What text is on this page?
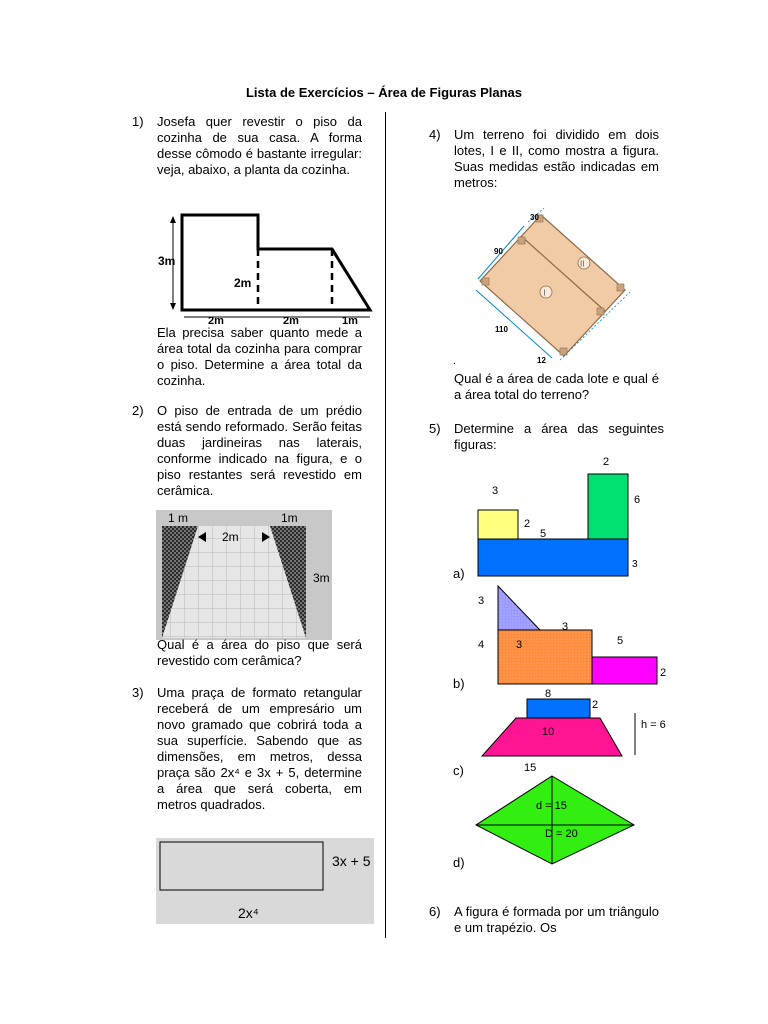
Lista de Exercícios – Área de Figuras Planas
1)	Josefa quer revestir o piso da cozinha de sua casa. A forma desse cômodo é bastante irregular: veja, abaixo, a planta da cozinha.
3m
2m
2m	2m	1m
Ela precisa saber quanto mede a área total da cozinha para comprar o piso. Determine a área total da cozinha.
2)	O piso de entrada de um prédio está sendo reformado. Serão feitas duas jardineiras nas laterais, conforme indicado na figura, e o piso restantes será revestido em cerâmica.
1 m	1m
2m
3m
Qual é a área do piso que será revestido com cerâmica?
3)	Uma praça de formato retangular receberá de um empresário um novo gramado que cobrirá toda a sua superfície. Sabendo que as dimensões, em metros, dessa praça são 2x⁴ e 3x + 5, determine a área que será coberta, em metros quadrados.
3x + 5
2x⁴
4)	Um terreno foi dividido em dois lotes, I e II, como mostra a figura. Suas medidas estão indicadas em metros:
I
II
30
90
110
12
.
Qual é a área de cada lote e qual é a área total do terreno?
5)	Determine a área das seguintes figuras:
2
6
3
2
5
3
a)
3
3
4	3	5
2
b)
8
2
10
h = 6
c)	15
d = 15
D = 20
d)
6)	A figura é formada por um triângulo e um trapézio. Os
